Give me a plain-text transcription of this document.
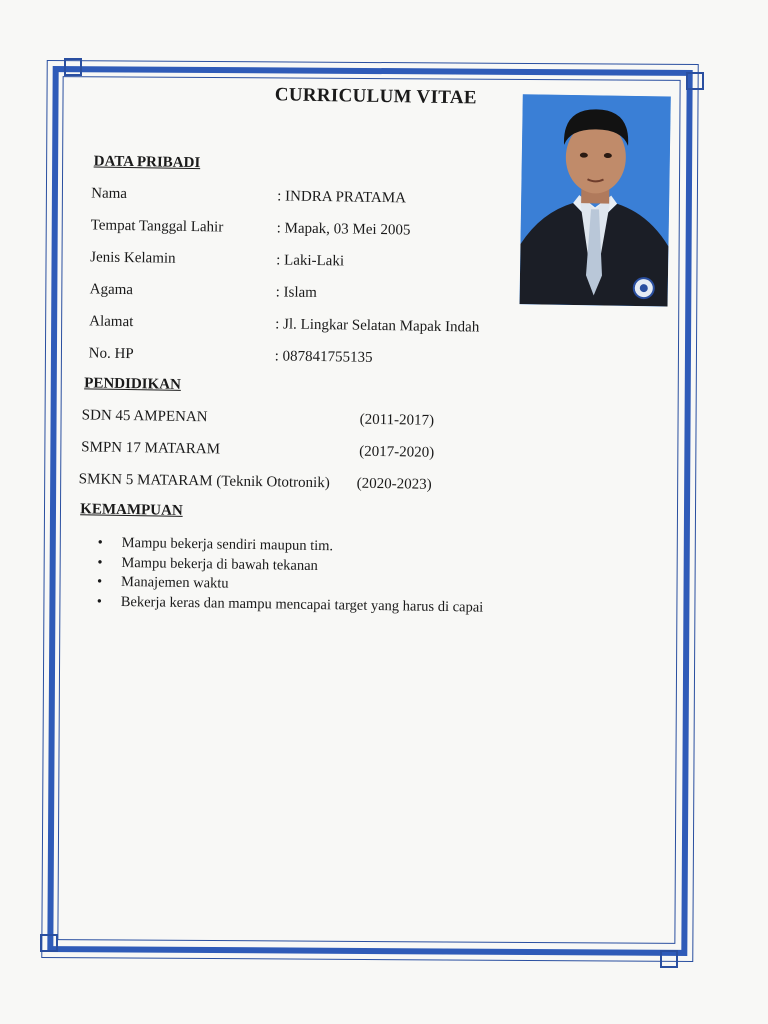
CURRICULUM VITAE
DATA PRIBADI
Nama	: INDRA PRATAMA
Tempat Tanggal Lahir	: Mapak, 03 Mei 2005
Jenis Kelamin	: Laki-Laki
Agama	: Islam
Alamat	: Jl. Lingkar Selatan Mapak Indah
No. HP	: 087841755135
PENDIDIKAN
SDN 45 AMPENAN	(2011-2017)
SMPN 17 MATARAM	(2017-2020)
SMKN 5 MATARAM (Teknik Ototronik) (2020-2023)
KEMAMPUAN
• Mampu bekerja sendiri maupun tim.
• Mampu bekerja di bawah tekanan
• Manajemen waktu
• Bekerja keras dan mampu mencapai target yang harus di capai
